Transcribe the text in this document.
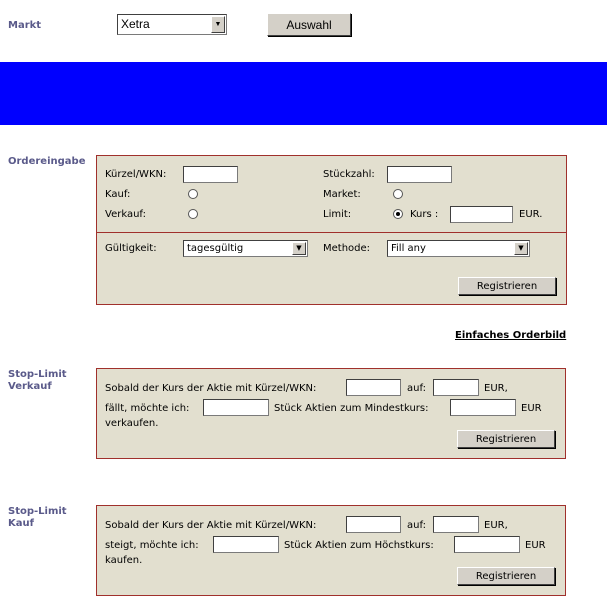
Markt	Xetra	▼	Auswahl
Ordereingabe
Kürzel/WKN:	Stückzahl:
Kauf:	Market:
Verkauf:	Limit:	Kurs :	EUR.
Gültigkeit:	tagesgültig	▼	Methode: Fill any	▼
Registrieren
Einfaches Orderbild
Stop-Limit
Verkauf	Sobald der Kurs der Aktie mit Kürzel/WKN:	auf:	EUR,
fällt, möchte ich:	Stück Aktien zum Mindestkurs:	EUR
verkaufen.
Registrieren
Stop-Limit
Kauf	Sobald der Kurs der Aktie mit Kürzel/WKN:	auf:	EUR,
steigt, möchte ich:	Stück Aktien zum Höchstkurs:	EUR
kaufen.
Registrieren
